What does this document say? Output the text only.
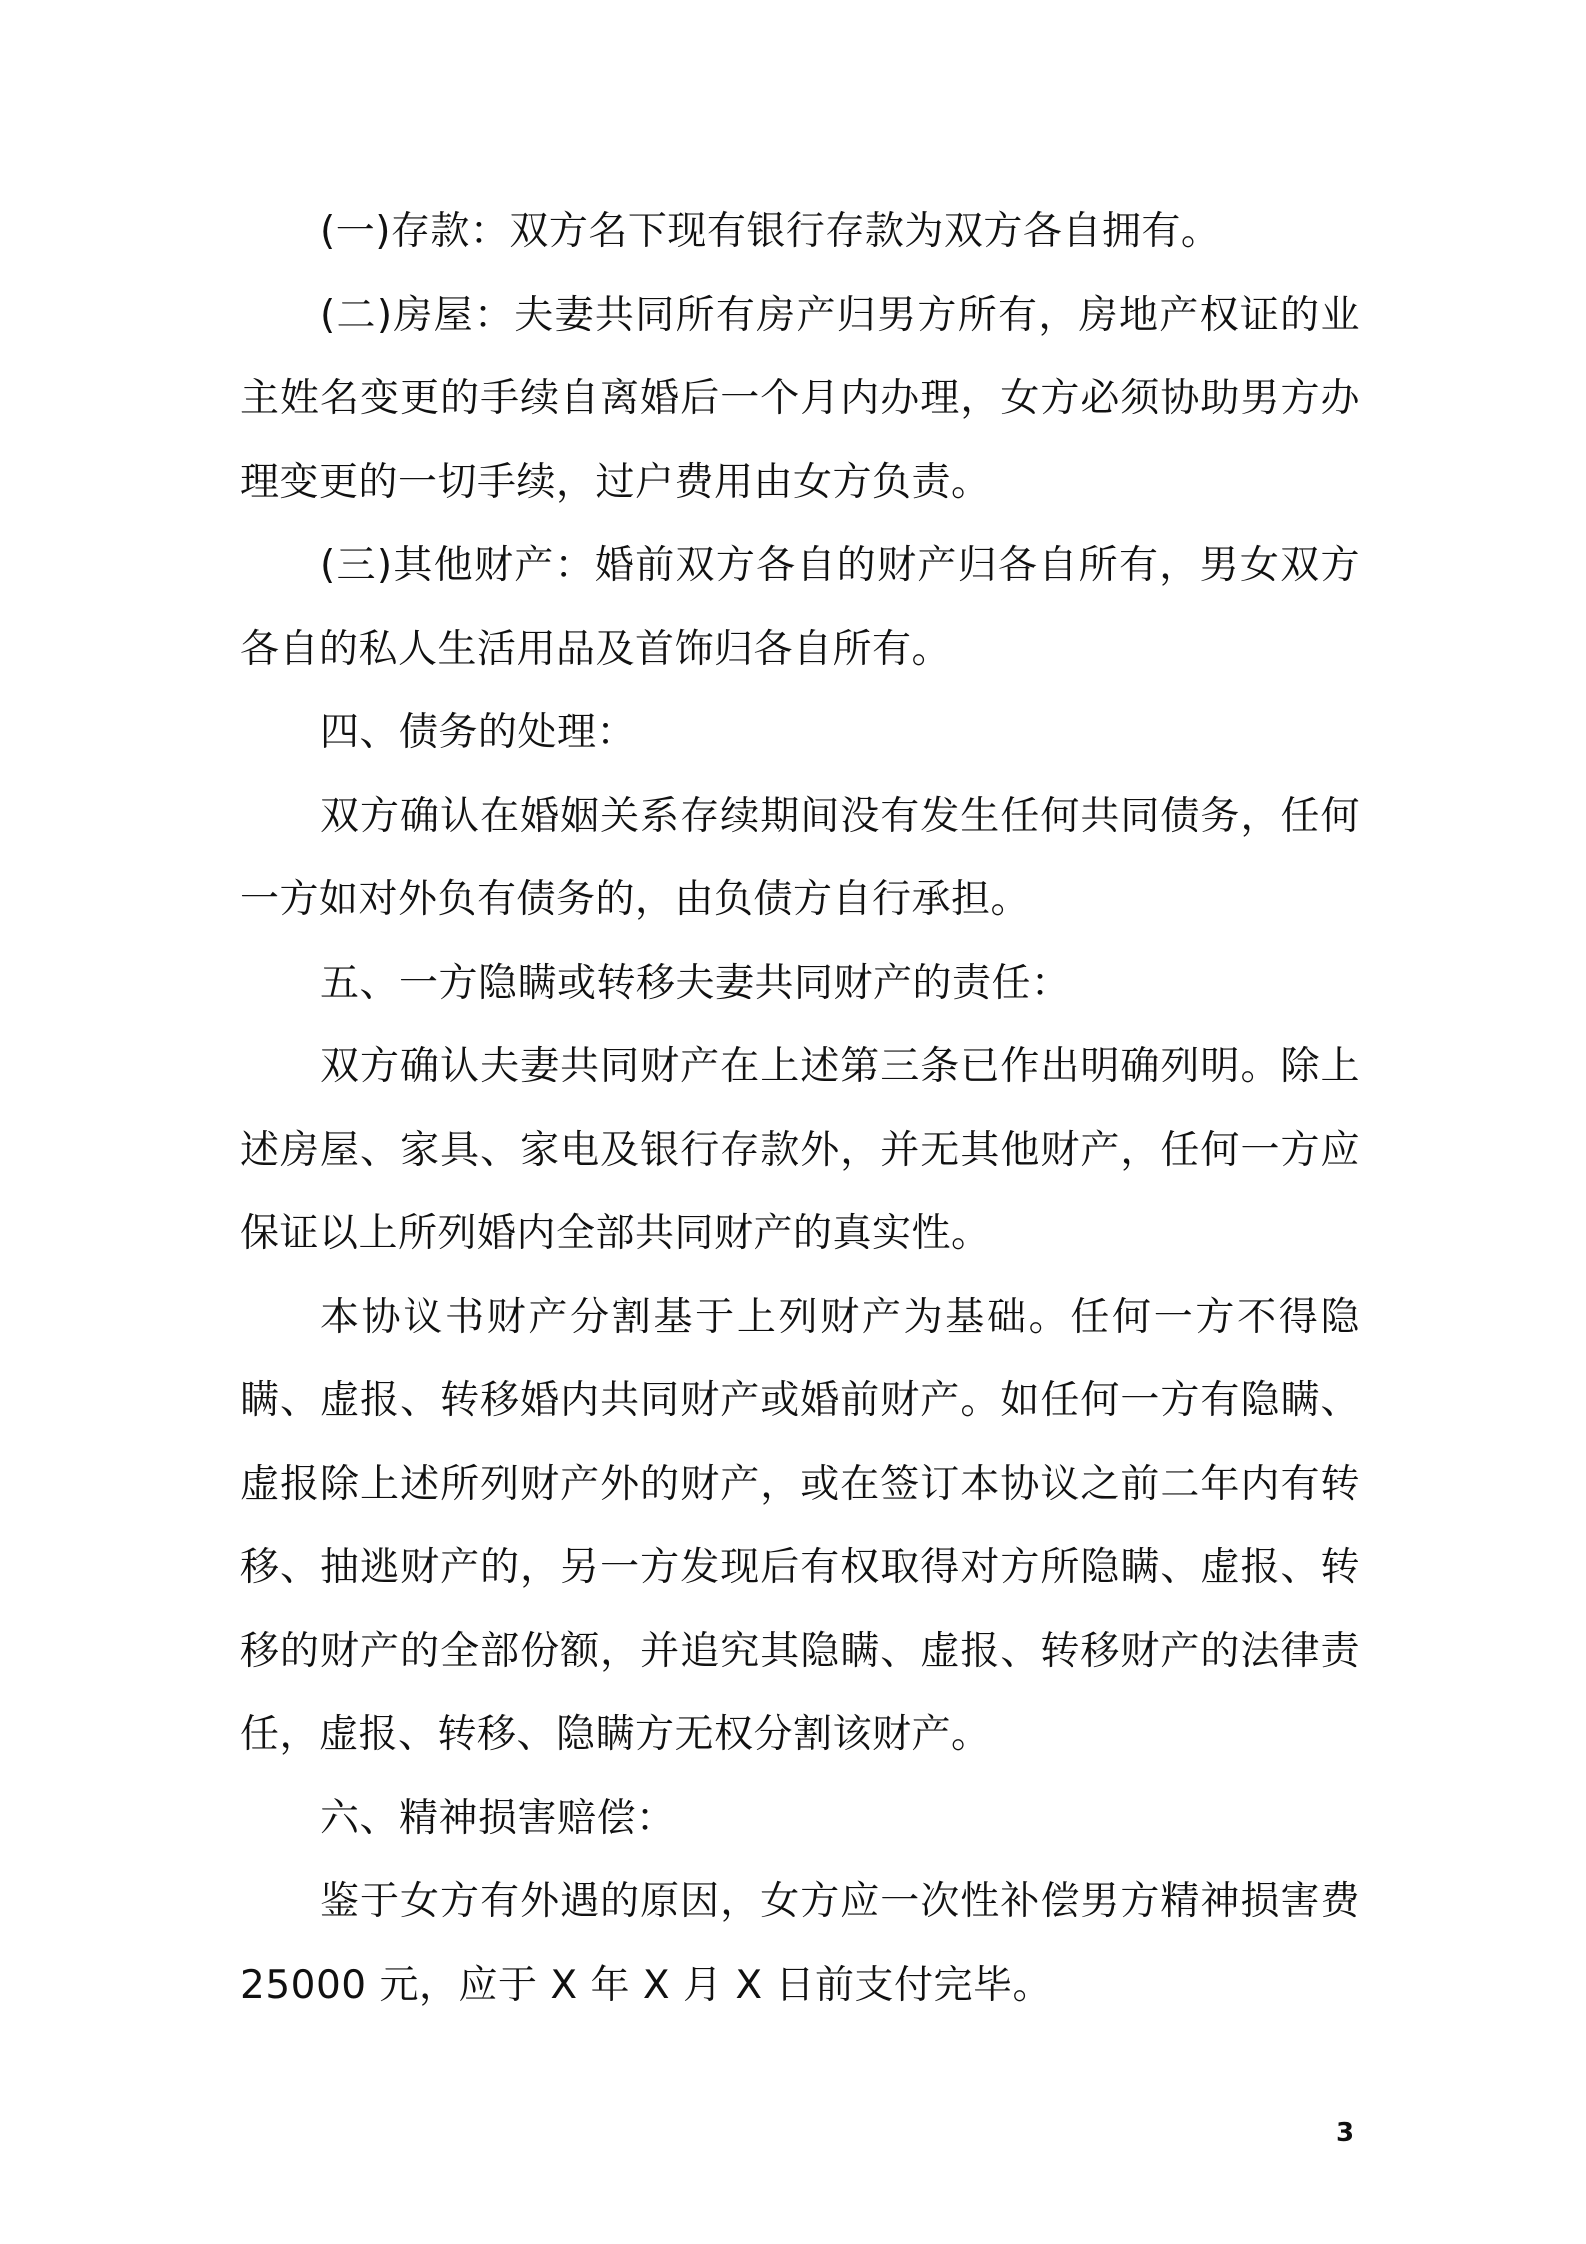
(一)存款：双方名下现有银行存款为双方各自拥有。

(二)房屋：夫妻共同所有房产归男方所有，房地产权证的业主姓名变更的手续自离婚后一个月内办理，女方必须协助男方办理变更的一切手续，过户费用由女方负责。

(三)其他财产：婚前双方各自的财产归各自所有，男女双方各自的私人生活用品及首饰归各自所有。

四、债务的处理：

双方确认在婚姻关系存续期间没有发生任何共同债务，任何一方如对外负有债务的，由负债方自行承担。

五、一方隐瞒或转移夫妻共同财产的责任：

双方确认夫妻共同财产在上述第三条已作出明确列明。除上述房屋、家具、家电及银行存款外，并无其他财产，任何一方应保证以上所列婚内全部共同财产的真实性。

本协议书财产分割基于上列财产为基础。任何一方不得隐瞒、虚报、转移婚内共同财产或婚前财产。如任何一方有隐瞒、虚报除上述所列财产外的财产，或在签订本协议之前二年内有转移、抽逃财产的，另一方发现后有权取得对方所隐瞒、虚报、转移的财产的全部份额，并追究其隐瞒、虚报、转移财产的法律责任，虚报、转移、隐瞒方无权分割该财产。

六、精神损害赔偿：

鉴于女方有外遇的原因，女方应一次性补偿男方精神损害费25000 元，应于 X 年 X 月 X 日前支付完毕。

3
